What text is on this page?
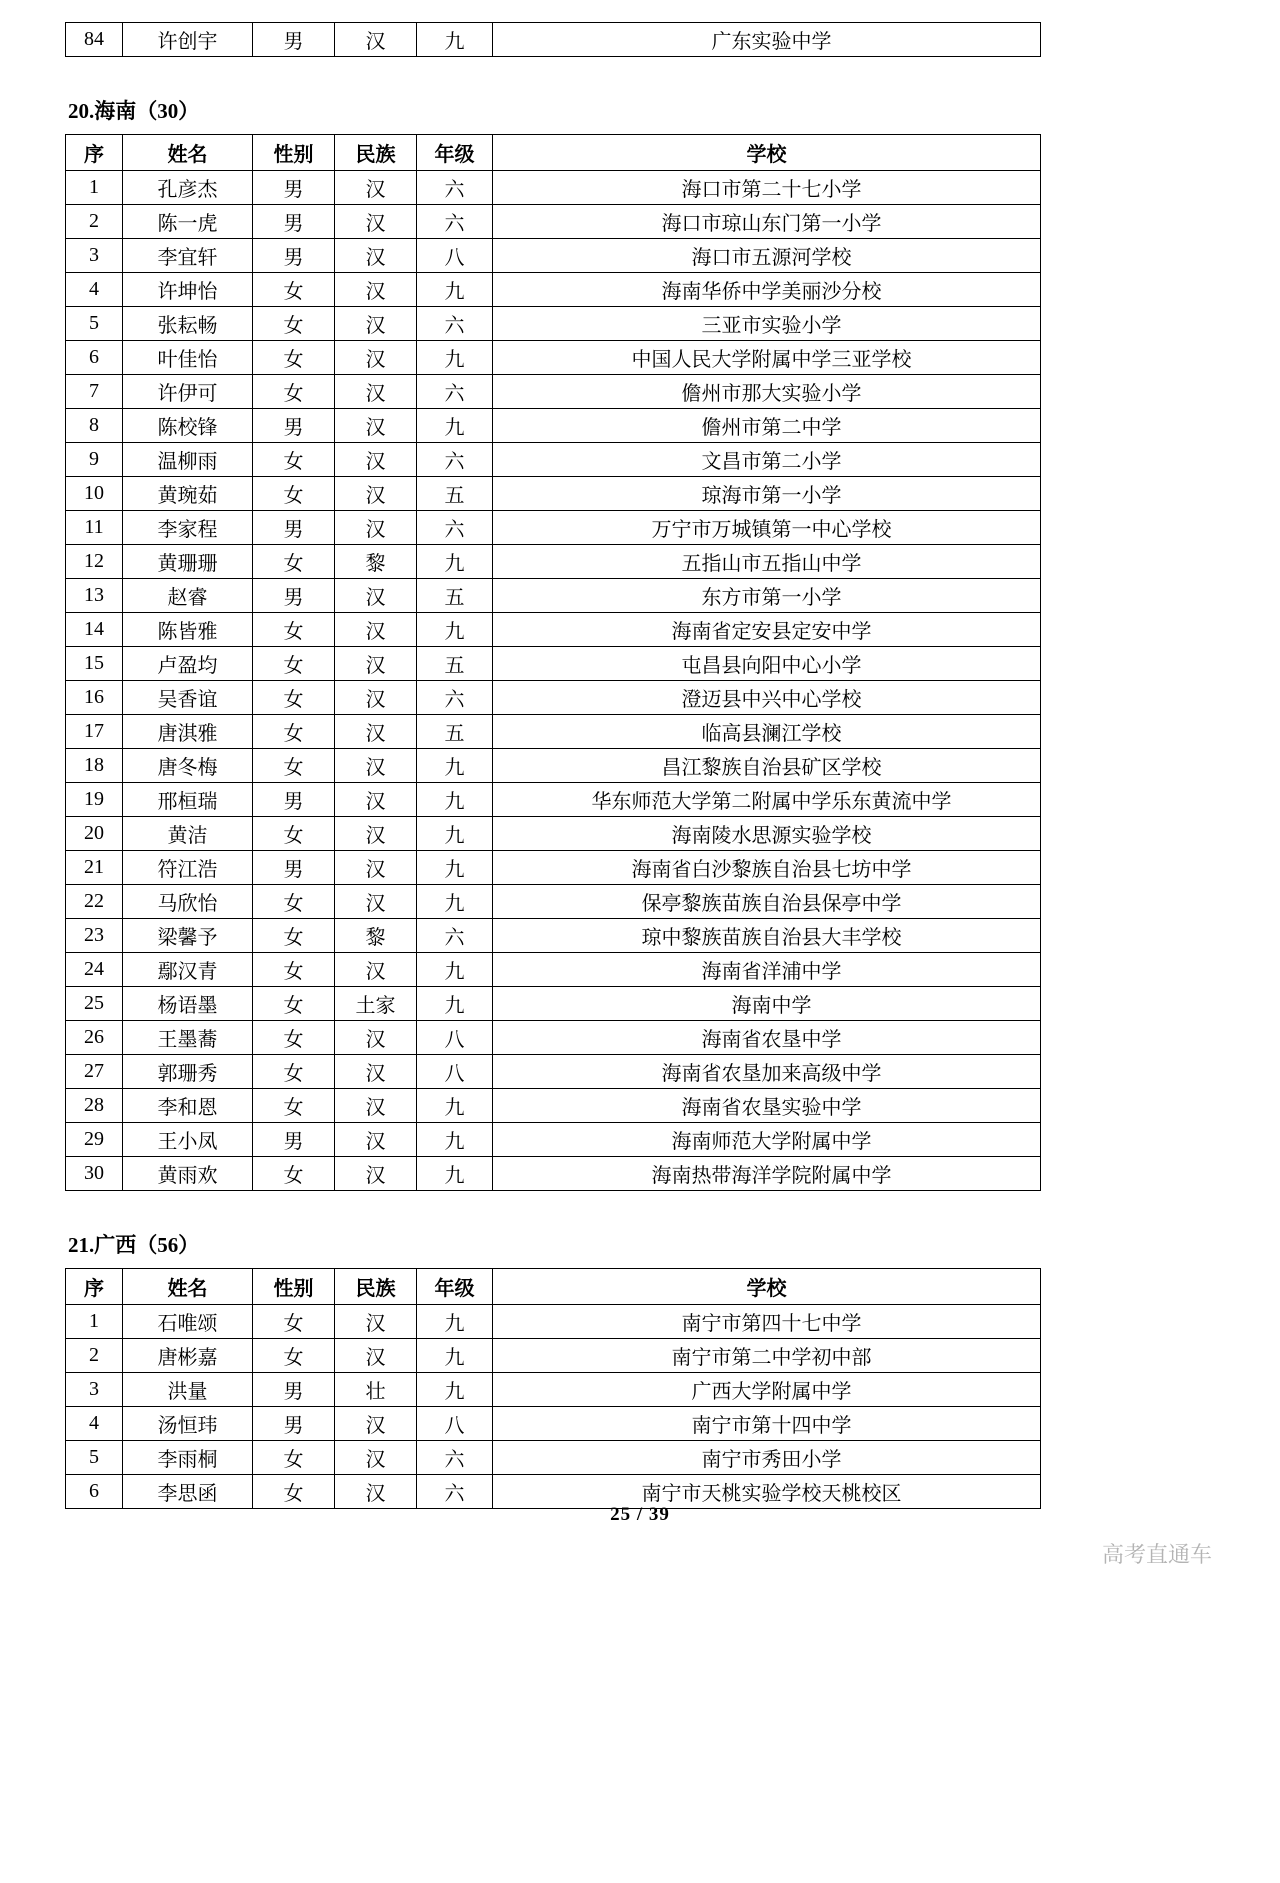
84	许创宇	男	汉	九	广东实验中学
20.海南（30）
序	姓名	性别	民族	年级	学校
1	孔彦杰	男	汉	六	海口市第二十七小学
2	陈一虎	男	汉	六	海口市琼山东门第一小学
3	李宜轩	男	汉	八	海口市五源河学校
4	许坤怡	女	汉	九	海南华侨中学美丽沙分校
5	张耘畅	女	汉	六	三亚市实验小学
6	叶佳怡	女	汉	九	中国人民大学附属中学三亚学校
7	许伊可	女	汉	六	儋州市那大实验小学
8	陈校锋	男	汉	九	儋州市第二中学
9	温柳雨	女	汉	六	文昌市第二小学
10	黄琬茹	女	汉	五	琼海市第一小学
11	李家程	男	汉	六	万宁市万城镇第一中心学校
12	黄珊珊	女	黎	九	五指山市五指山中学
13	赵睿	男	汉	五	东方市第一小学
14	陈皆雅	女	汉	九	海南省定安县定安中学
15	卢盈均	女	汉	五	屯昌县向阳中心小学
16	吴香谊	女	汉	六	澄迈县中兴中心学校
17	唐淇雅	女	汉	五	临高县澜江学校
18	唐冬梅	女	汉	九	昌江黎族自治县矿区学校
19	邢桓瑞	男	汉	九	华东师范大学第二附属中学乐东黄流中学
20	黄洁	女	汉	九	海南陵水思源实验学校
21	符江浩	男	汉	九	海南省白沙黎族自治县七坊中学
22	马欣怡	女	汉	九	保亭黎族苗族自治县保亭中学
23	梁馨予	女	黎	六	琼中黎族苗族自治县大丰学校
24	鄢汉青	女	汉	九	海南省洋浦中学
25	杨语墨	女	土家	九	海南中学
26	王墨蕎	女	汉	八	海南省农垦中学
27	郭珊秀	女	汉	八	海南省农垦加来高级中学
28	李和恩	女	汉	九	海南省农垦实验中学
29	王小凤	男	汉	九	海南师范大学附属中学
30	黄雨欢	女	汉	九	海南热带海洋学院附属中学
21.广西（56）
序	姓名	性别	民族	年级	学校
1	石唯颂	女	汉	九	南宁市第四十七中学
2	唐彬嘉	女	汉	九	南宁市第二中学初中部
3	洪量	男	壮	九	广西大学附属中学
4	汤恒玮	男	汉	八	南宁市第十四中学
5	李雨桐	女	汉	六	南宁市秀田小学
6	李思函	女	汉	六	南宁市天桃实验学校天桃校区
25 / 39
高考直通车
